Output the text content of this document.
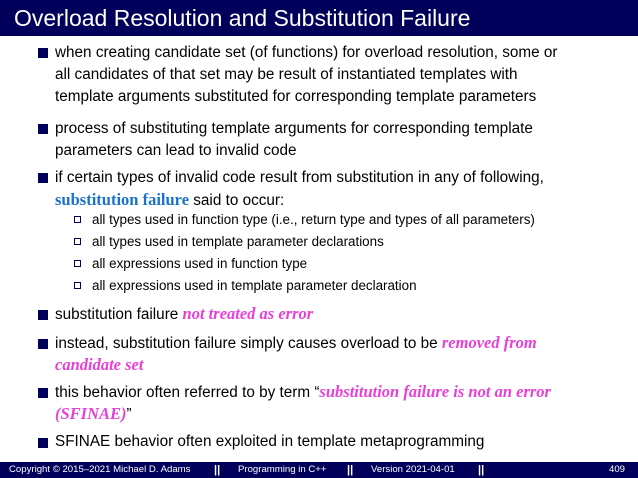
Overload Resolution and Substitution Failure
when creating candidate set (of functions) for overload resolution, some or
all candidates of that set may be result of instantiated templates with
template arguments substituted for corresponding template parameters
process of substituting template arguments for corresponding template
parameters can lead to invalid code
if certain types of invalid code result from substitution in any of following,
substitution failure said to occur:
all types used in function type (i.e., return type and types of all parameters)
all types used in template parameter declarations
all expressions used in function type
all expressions used in template parameter declaration
substitution failure not treated as error
instead, substitution failure simply causes overload to be removed from
candidate set
this behavior often referred to by term “substitution failure is not an error
(SFINAE)”
SFINAE behavior often exploited in template metaprogramming
Copyright © 2015–2021 Michael D. Adams || Programming in C++ || Version 2021-04-01 ||	409
